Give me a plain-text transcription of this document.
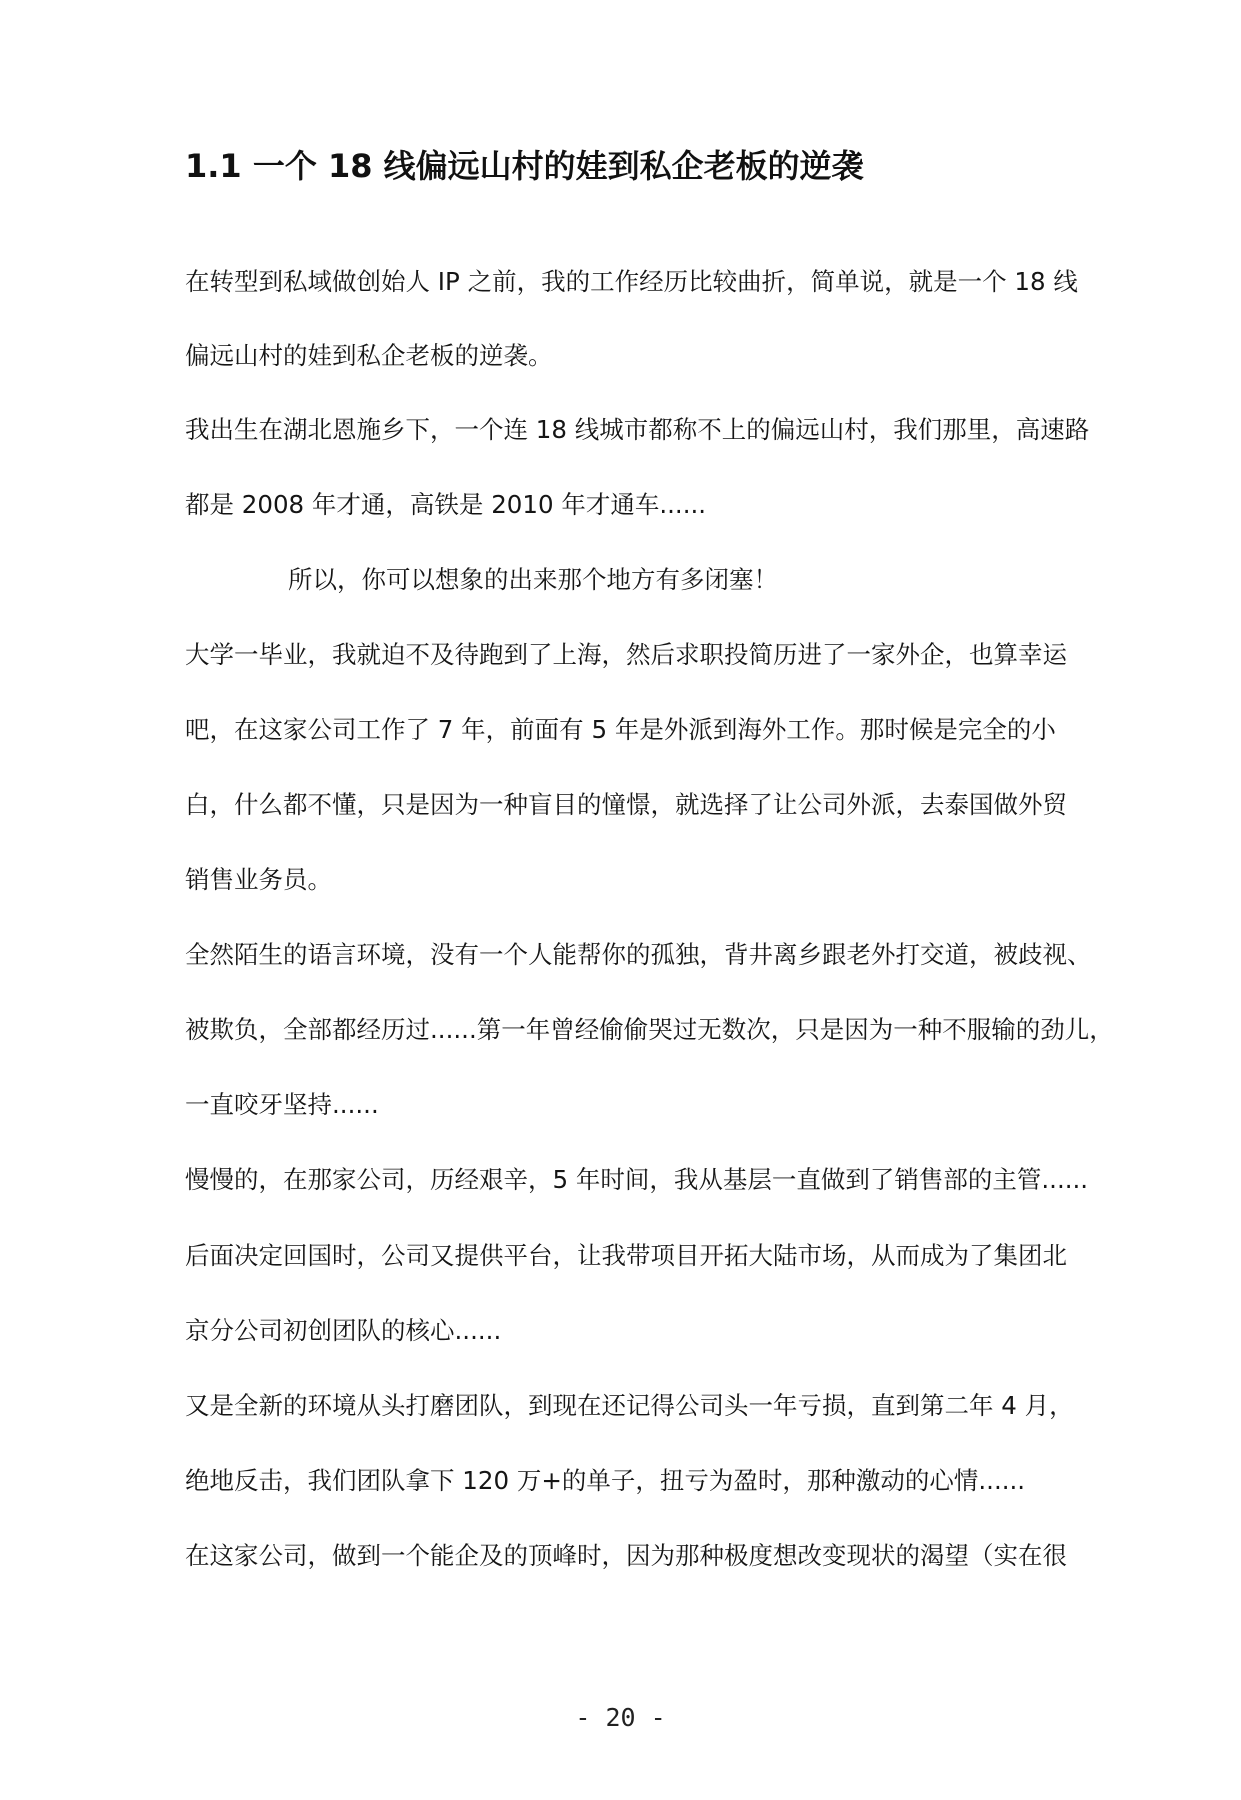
1.1 一个 18 线偏远山村的娃到私企老板的逆袭

在转型到私域做创始人 IP 之前，我的工作经历比较曲折，简单说，就是一个 18 线

偏远山村的娃到私企老板的逆袭。

我出生在湖北恩施乡下，一个连 18 线城市都称不上的偏远山村，我们那里，高速路

都是 2008 年才通，高铁是 2010 年才通车......

所以，你可以想象的出来那个地方有多闭塞！

大学一毕业，我就迫不及待跑到了上海，然后求职投简历进了一家外企，也算幸运

吧，在这家公司工作了 7 年，前面有 5 年是外派到海外工作。那时候是完全的小

白，什么都不懂，只是因为一种盲目的憧憬，就选择了让公司外派，去泰国做外贸

销售业务员。

全然陌生的语言环境，没有一个人能帮你的孤独，背井离乡跟老外打交道，被歧视、

被欺负，全部都经历过......第一年曾经偷偷哭过无数次，只是因为一种不服输的劲儿，

一直咬牙坚持......

慢慢的，在那家公司，历经艰辛，5 年时间，我从基层一直做到了销售部的主管......

后面决定回国时，公司又提供平台，让我带项目开拓大陆市场，从而成为了集团北

京分公司初创团队的核心......

又是全新的环境从头打磨团队，到现在还记得公司头一年亏损，直到第二年 4 月，

绝地反击，我们团队拿下 120 万+的单子，扭亏为盈时，那种激动的心情......

在这家公司，做到一个能企及的顶峰时，因为那种极度想改变现状的渴望（实在很

- 20 -
